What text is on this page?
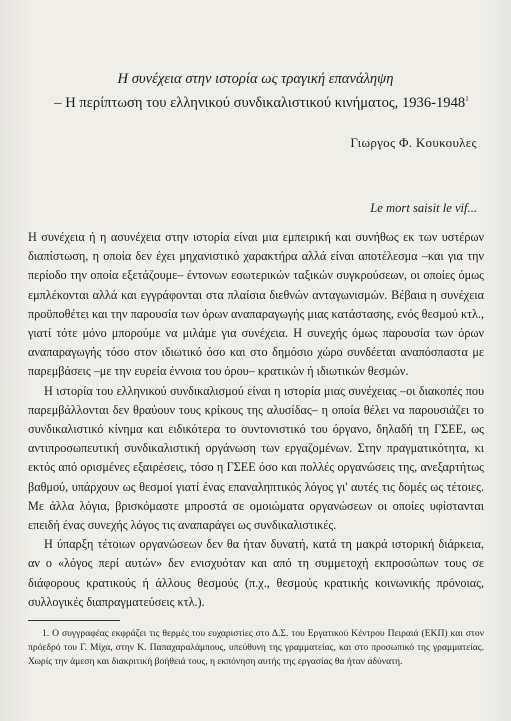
Η συνέχεια στην ιστορία ως τραγική επανάληψη
– Η περίπτωση του ελληνικού συνδικαλιστικού κινήματος, 1936-1948$^1$
Γιωργος Φ. Κουκουλες
Le mort saisit le vif...

Η συνέχεια ή η ασυνέχεια στην ιστορία είναι μια εμπειρική και συνήθως εκ των υστέρων διαπίστωση, η οποία δεν έχει μηχανιστικό χαρακτήρα αλλά είναι αποτέλεσμα –και για την περίοδο την οποία εξετάζουμε– έντονων εσωτερικών ταξικών συγκρούσεων, οι οποίες όμως εμπλέκονται αλλά και εγγράφονται στα πλαίσια διεθνών ανταγωνισμών. Βέβαια η συνέχεια προϋποθέτει και την παρουσία των όρων αναπαραγωγής μιας κατάστασης, ενός θεσμού κτλ., γιατί τότε μόνο μπορούμε να μιλάμε για συνέχεια. Η συνεχής όμως παρουσία των όρων αναπαραγωγής τόσο στον ιδιωτικό όσο και στο δημόσιο χώρο συνδέεται αναπόσπαστα με παρεμβάσεις –με την ευρεία έννοια του όρου– κρατικών ή ιδιωτικών θεσμών.

Η ιστορία του ελληνικού συνδικαλισμού είναι η ιστορία μιας συνέχειας –οι διακοπές που παρεμβάλλονται δεν θραύουν τους κρίκους της αλυσίδας– η οποία θέλει να παρουσιάζει το συνδικαλιστικό κίνημα και ειδικότερα το συντονιστικό του όργανο, δηλαδή τη ΓΣΕΕ, ως αντιπροσωπευτική συνδικαλιστική οργάνωση των εργαζομένων. Στην πραγματικότητα, κι εκτός από ορισμένες εξαιρέσεις, τόσο η ΓΣΕΕ όσο και πολλές οργανώσεις της, ανεξαρτήτως βαθμού, υπάρχουν ως θεσμοί γιατί ένας επαναληπτικός λόγος γι' αυτές τις δομές ως τέτοιες. Με άλλα λόγια, βρισκόμαστε μπροστά σε ομοιώματα οργανώσεων οι οποίες υφίστανται επειδή ένας συνεχής λόγος τις αναπαράγει ως συνδικαλιστικές.

Η ύπαρξη τέτοιων οργανώσεων δεν θα ήταν δυνατή, κατά τη μακρά ιστορική διάρκεια, αν ο «λόγος περί αυτών» δεν ενισχυόταν και από τη συμμετοχή εκπροσώπων τους σε διάφορους κρατικούς ή άλλους θεσμούς (π.χ., θεσμούς κρατικής κοινωνικής πρόνοιας, συλλογικές διαπραγματεύσεις κτλ.).

1. Ο συγγραφέας εκφράζει τις θερμές του ευχαριστίες στο Δ.Σ. του Εργατικού Κέντρου Πειραιά (ΕΚΠ) και στον πρόεδρό του Γ. Μίχα, στην Κ. Παπαχαραλάμπους, υπεύθυνη της γραμματείας, και στο προσωπικό της γραμματείας. Χωρίς την άμεση και διακριτική βοήθειά τους, η εκπόνηση αυτής της εργασίας θα ήταν αδύνατη.
